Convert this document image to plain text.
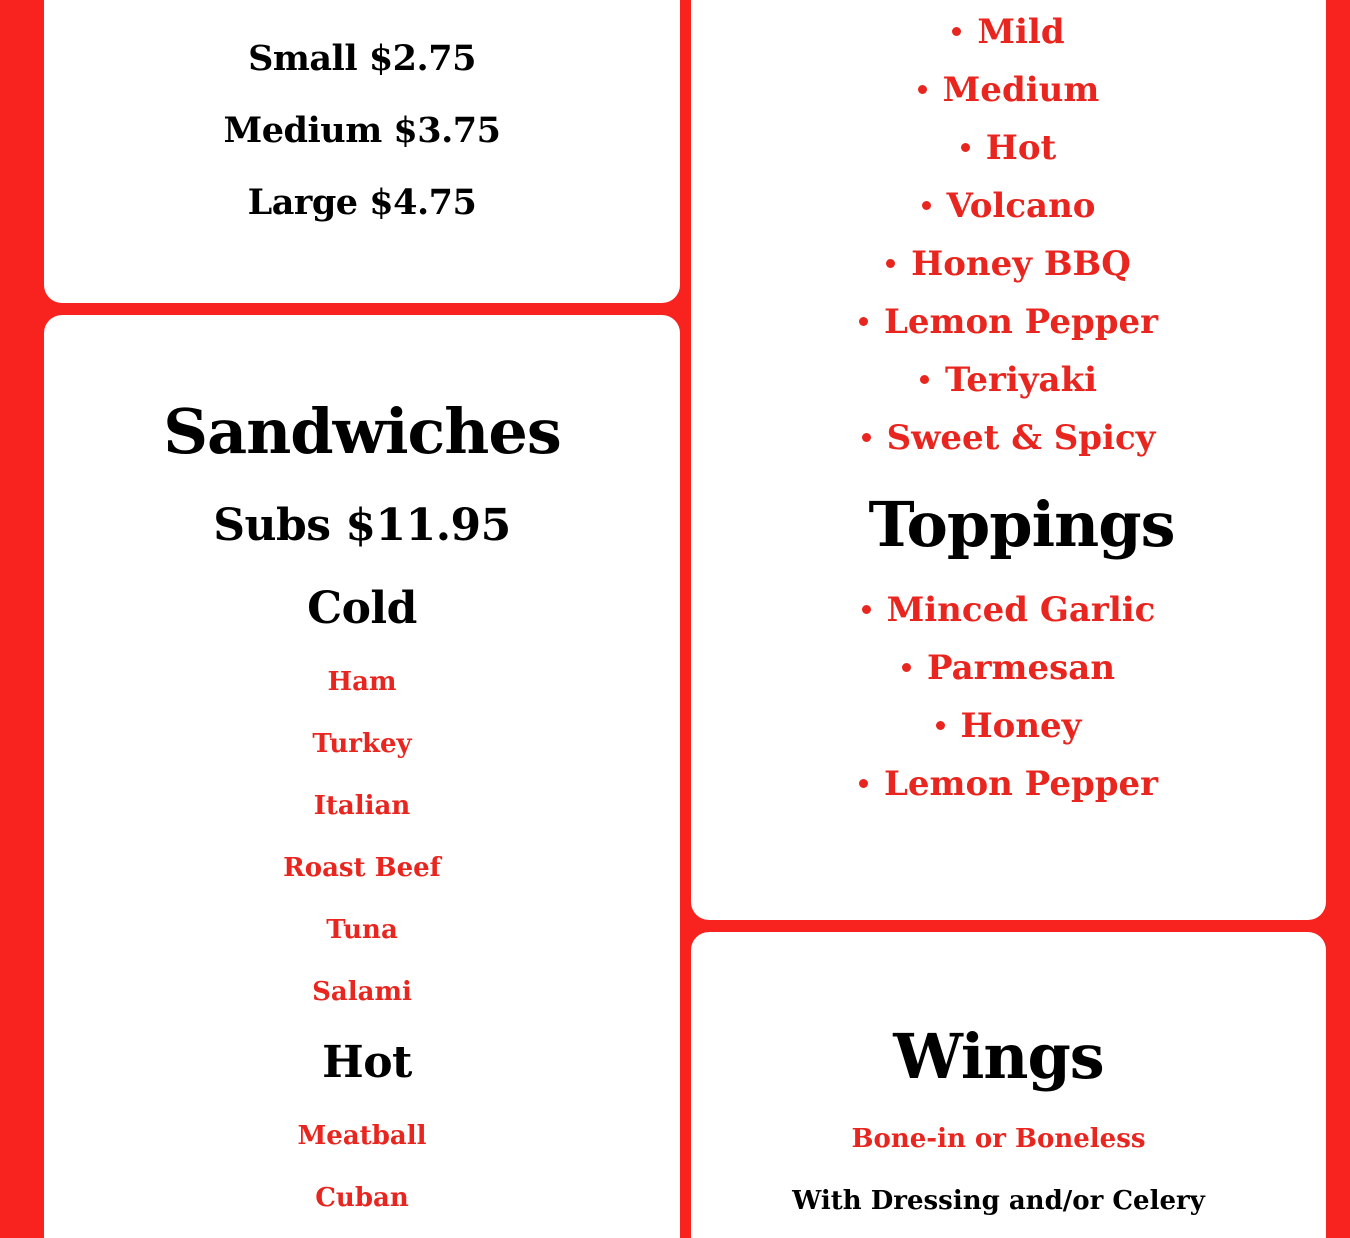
Small $2.75
Medium $3.75
Large $4.75
Mild
Medium
Hot
Volcano
Honey BBQ
Lemon Pepper
Teriyaki
Sweet & Spicy
Toppings
Minced Garlic
Parmesan
Honey
Lemon Pepper
Sandwiches
Subs $11.95
Cold
Ham
Turkey
Italian
Roast Beef
Tuna
Salami
Hot
Meatball
Cuban
Wings
Bone-in or Boneless
With Dressing and/or Celery
